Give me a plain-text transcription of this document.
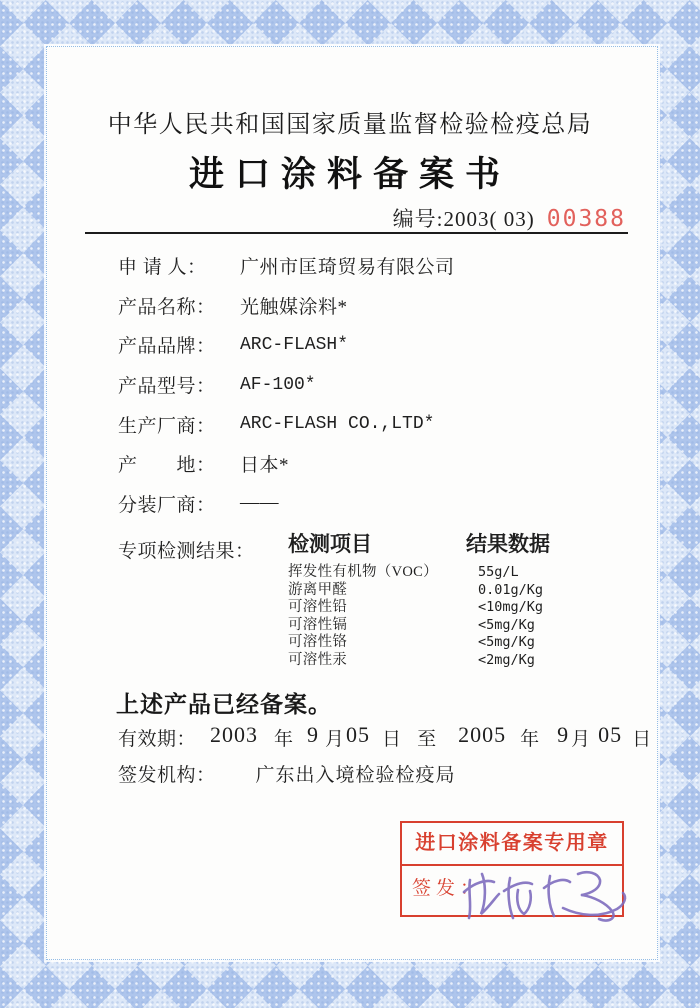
中华人民共和国国家质量监督检验检疫总局
进口涂料备案书
编号:2003( 03) 00388
申 请 人：	广州市匡琦贸易有限公司
产品名称：	光触媒涂料*
产品品牌：	ARC-FLASH*
产品型号：	AF-100*
生产厂商：	ARC-FLASH CO.,LTD*
产　　地：	日本*
分装厂商：	——
专项检测结果： 检测项目	结果数据
挥发性有机物（VOC）	55g/L
游离甲醛	0.01g/Kg
可溶性铅	<10mg/Kg
可溶性镉	<5mg/Kg
可溶性铬	<5mg/Kg
可溶性汞	<2mg/Kg
上述产品已经备案。
有效期： 2003 年 9 月 05 日 至 2005 年 9 月 05 日
签发机构： 广东出入境检验检疫局
进口涂料备案专用章
签发：
